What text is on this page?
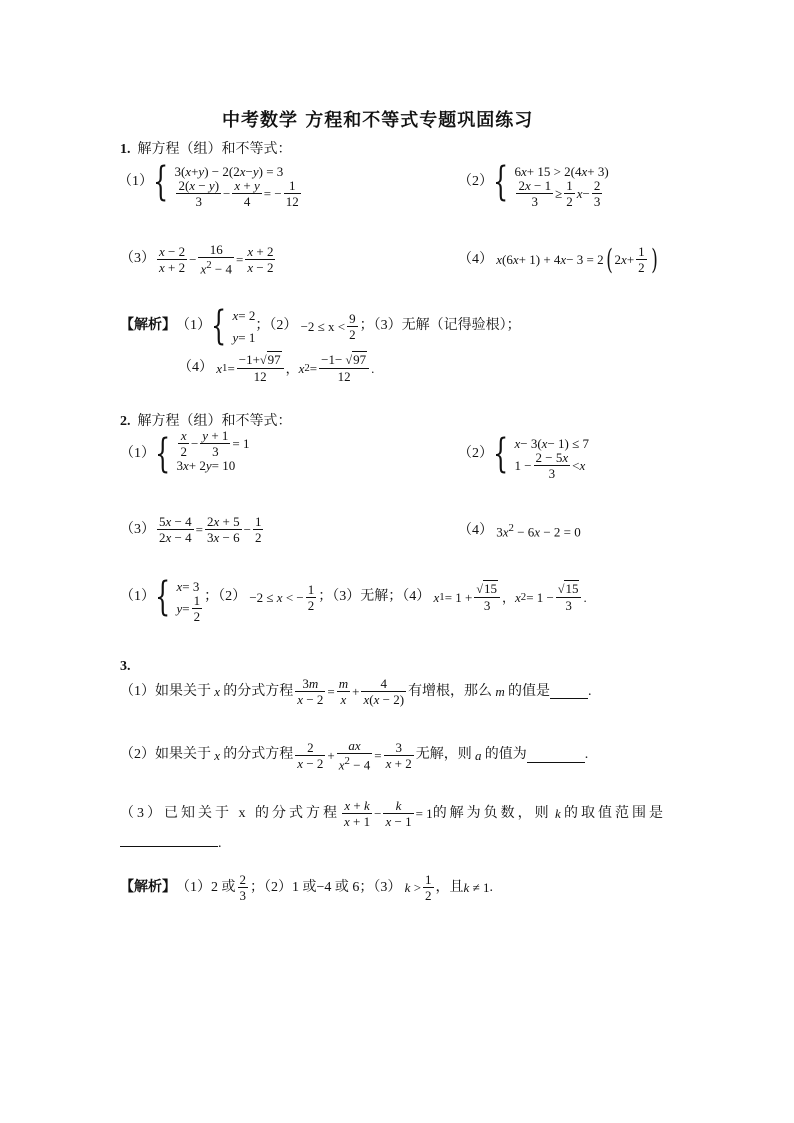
中考数学 方程和不等式专题巩固练习
1. 解方程（组）和不等式：
（1） { 3( x + y ) − 2(2 x − y ) = 3
$\frac{2(x - y)}{3} - \frac{x + y}{4}$ = − $\frac{1}{12}$	（2） { 6 x + 15 > 2(4 x + 3)
$\frac{2x - 1}{3} \ge \frac{1}{2}$ $x - \frac{2}{3}$
$(3) \frac{x - 2}{x + 2} - \frac{16}{x^2 - 4} = \frac{x + 2}{x - 2}$	（4）
x (6 x + 1) + 4 x − 3 = 2 ( 2 $x + \frac{1}{2}$ )
【解析】 （1） { x = 2
y = 1
；$(2) -2 \le x < \frac{9}{2}$ ；（3）无解（记得验根）；
（4）
x $1 = \frac{-1+√97}{12}$ ， x $2 = \frac{-1- √97}{12}$ .
2. 解方程（组）和不等式：
（1） { $\frac{x}{2} - \frac{y + 1}{3} = 1$
3 x + 2 y = 10
（2） { x − 3( x − 1) ≤ 7
$1 - \frac{2 - 5x}{3} < x$
$(3) \frac{5x - 4}{2x - 4} = \frac{2x + 5}{3x - 6} - \frac{1}{2}$	（4） $3x^2 - 6x - 2 = 0$
（1） { x = 3
$y = \frac{1}{2}$ ；（2） −2 ≤ x < − $\frac{1}{2}$ ；（3）无解；（4）
x $1 = 1 + \frac{√15}{3}$ ， x $2 = 1 - \frac{√15}{3}$ .
3.
（1）如果关于 x 的分式方程 $\frac{3m}{x - 2} = \frac{m}{x} + \frac{4}{x(x - 2)}$ 有增根，那么 m 的值是	.
（2）如果关于 x 的分式方程 $\frac{2}{x - 2} + \frac{ax}{x^2 - 4} = \frac{3}{x + 2}$ 无解，则 a 的值为	.
（3）已知关于 x 的分式方程 $\frac{x + k}{x + 1} - \frac{k}{x - 1} = 1$ 的解为负数，则 k 的取值范围是
.
【解析】 （1）2 或 $\frac{2}{3}$ ；（2）1 或−4 或 6；（3） $k > \frac{1}{2}$ ，且 k ≠ 1 .
